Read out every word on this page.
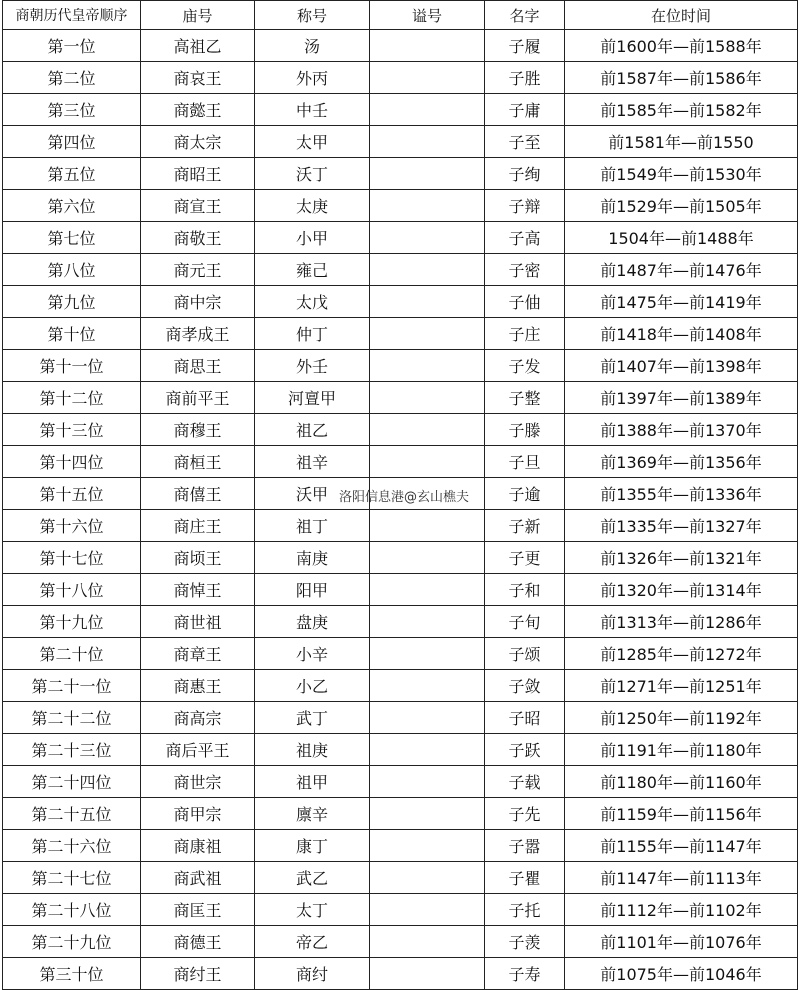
商朝历代皇帝顺序	庙号	称号	谥号	名字	在位时间
第一位	高祖乙	汤		子履	前1600年—前1588年
第二位	商哀王	外丙		子胜	前1587年—前1586年
第三位	商懿王	中壬		子庸	前1585年—前1582年
第四位	商太宗	太甲		子至	前1581年—前1550
第五位	商昭王	沃丁		子绚	前1549年—前1530年
第六位	商宣王	太庚		子辩	前1529年—前1505年
第七位	商敬王	小甲		子高	1504年—前1488年
第八位	商元王	雍己		子密	前1487年—前1476年
第九位	商中宗	太戊		子伷	前1475年—前1419年
第十位	商孝成王	仲丁		子庄	前1418年—前1408年
第十一位	商思王	外壬		子发	前1407年—前1398年
第十二位	商前平王	河亶甲		子整	前1397年—前1389年
第十三位	商穆王	祖乙		子滕	前1388年—前1370年
第十四位	商桓王	祖辛		子旦	前1369年—前1356年
第十五位	商僖王	沃甲		子逾	前1355年—前1336年
第十六位	商庄王	祖丁		子新	前1335年—前1327年
第十七位	商顷王	南庚		子更	前1326年—前1321年
第十八位	商悼王	阳甲		子和	前1320年—前1314年
第十九位	商世祖	盘庚		子旬	前1313年—前1286年
第二十位	商章王	小辛		子颂	前1285年—前1272年
第二十一位	商惠王	小乙		子敛	前1271年—前1251年
第二十二位	商高宗	武丁		子昭	前1250年—前1192年
第二十三位	商后平王	祖庚		子跃	前1191年—前1180年
第二十四位	商世宗	祖甲		子载	前1180年—前1160年
第二十五位	商甲宗	廪辛		子先	前1159年—前1156年
第二十六位	商康祖	康丁		子嚣	前1155年—前1147年
第二十七位	商武祖	武乙		子瞿	前1147年—前1113年
第二十八位	商匡王	太丁		子托	前1112年—前1102年
第二十九位	商德王	帝乙		子羡	前1101年—前1076年
第三十位	商纣王	商纣		子寿	前1075年—前1046年
洛阳信息港@玄山樵夫
